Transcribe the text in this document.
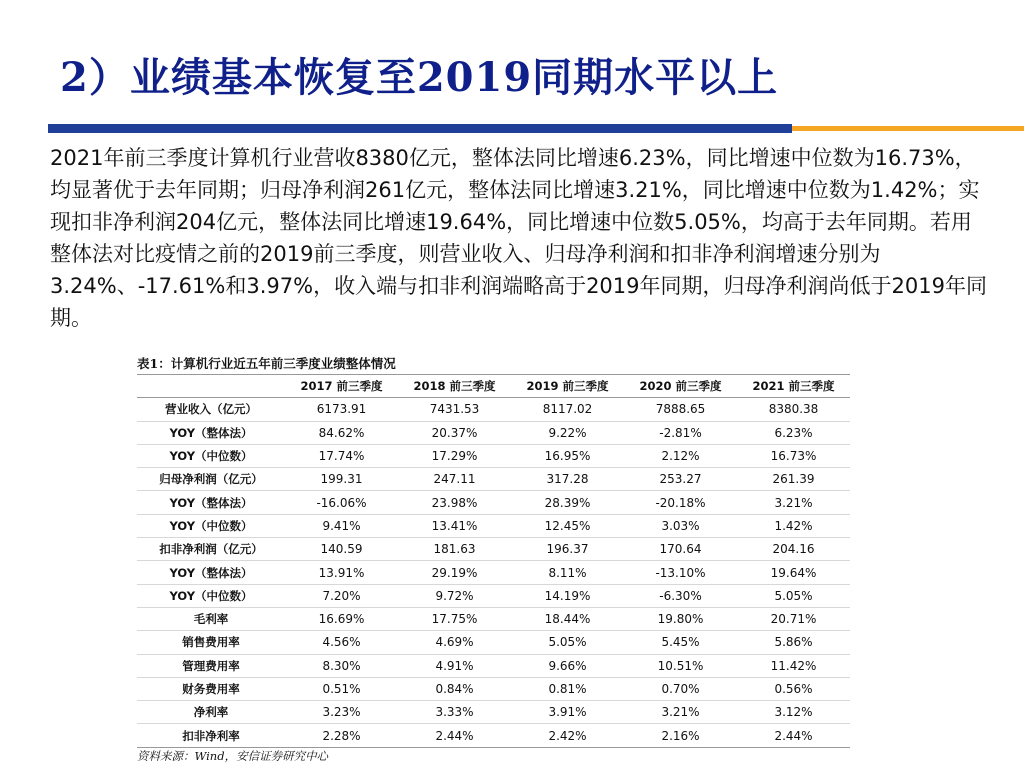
2）业绩基本恢复至2019同期水平以上
2021年前三季度计算机行业营收8380亿元，整体法同比增速6.23%，同比增速中位数为16.73%，均显著优于去年同期；归母净利润261亿元，整体法同比增速3.21%，同比增速中位数为1.42%；实现扣非净利润204亿元，整体法同比增速19.64%，同比增速中位数5.05%，均高于去年同期。若用整体法对比疫情之前的2019前三季度，则营业收入、归母净利润和扣非净利润增速分别为3.24%、-17.61%和3.97%，收入端与扣非利润端略高于2019年同期，归母净利润尚低于2019年同期。
表1：计算机行业近五年前三季度业绩整体情况
	2017 前三季度	2018 前三季度	2019 前三季度	2020 前三季度	2021 前三季度
营业收入（亿元）	6173.91	7431.53	8117.02	7888.65	8380.38
YOY（整体法）	84.62%	20.37%	9.22%	-2.81%	6.23%
YOY（中位数）	17.74%	17.29%	16.95%	2.12%	16.73%
归母净利润（亿元）	199.31	247.11	317.28	253.27	261.39
YOY（整体法）	-16.06%	23.98%	28.39%	-20.18%	3.21%
YOY（中位数）	9.41%	13.41%	12.45%	3.03%	1.42%
扣非净利润（亿元）	140.59	181.63	196.37	170.64	204.16
YOY（整体法）	13.91%	29.19%	8.11%	-13.10%	19.64%
YOY（中位数）	7.20%	9.72%	14.19%	-6.30%	5.05%
毛利率	16.69%	17.75%	18.44%	19.80%	20.71%
销售费用率	4.56%	4.69%	5.05%	5.45%	5.86%
管理费用率	8.30%	4.91%	9.66%	10.51%	11.42%
财务费用率	0.51%	0.84%	0.81%	0.70%	0.56%
净利率	3.23%	3.33%	3.91%	3.21%	3.12%
扣非净利率	2.28%	2.44%	2.42%	2.16%	2.44%
资料来源：Wind，安信证券研究中心
